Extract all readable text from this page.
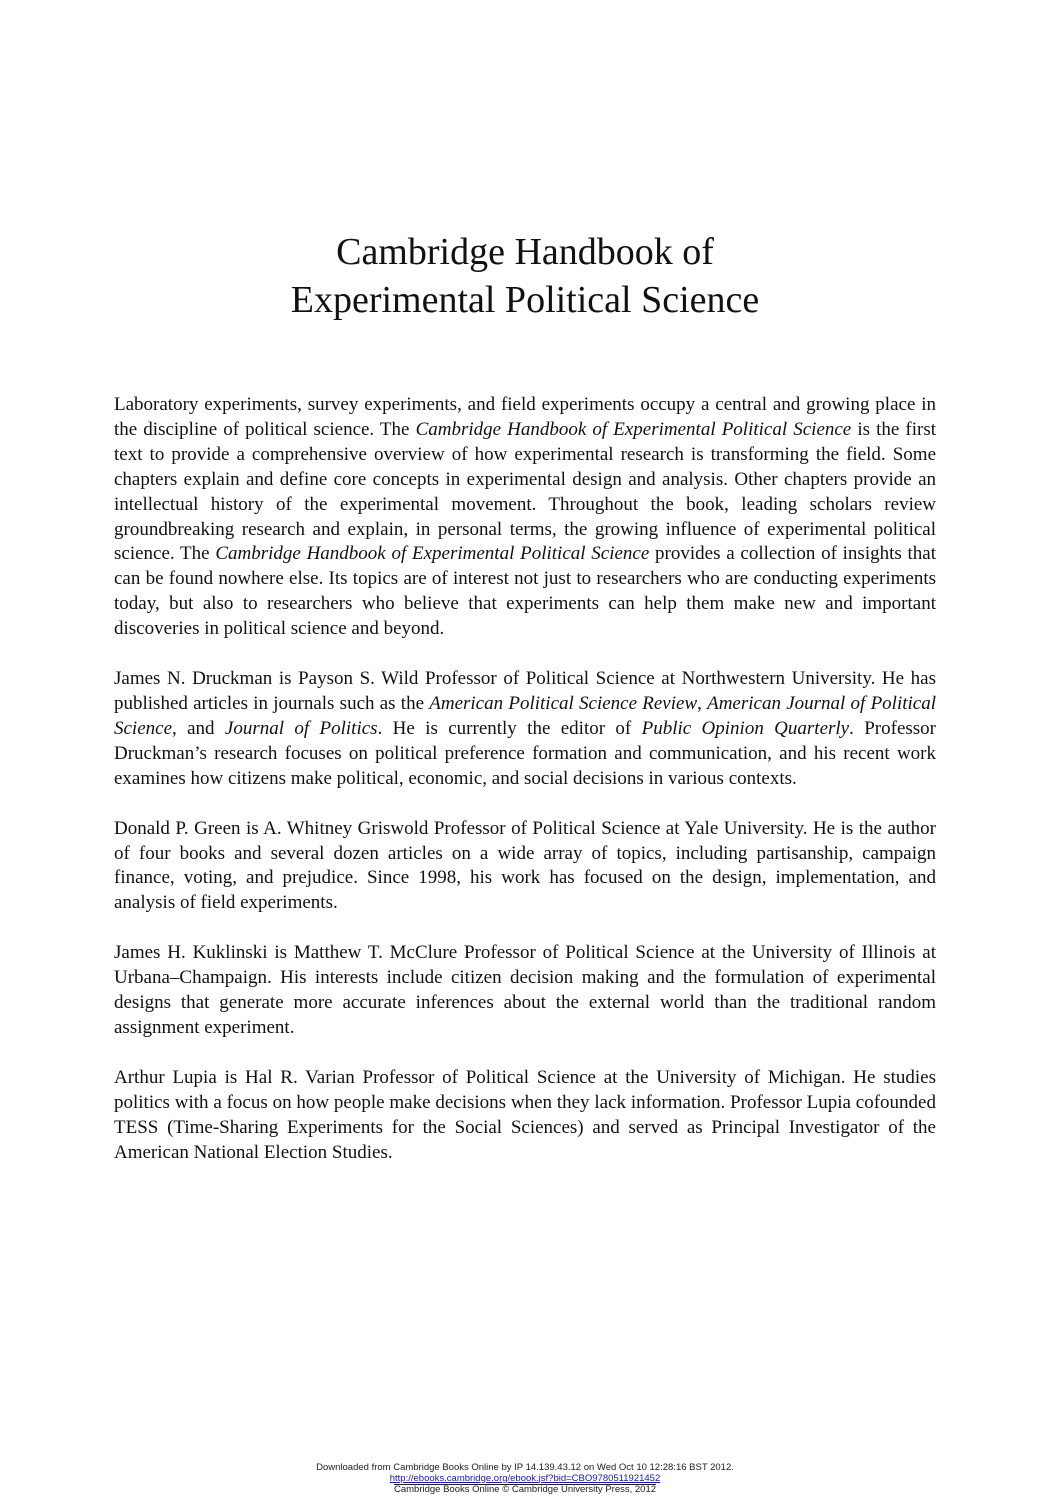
Cambridge Handbook of
Experimental Political Science

Laboratory experiments, survey experiments, and field experiments occupy a central and growing place in the discipline of political science. The Cambridge Handbook of Experimental Political Science is the first text to provide a comprehensive overview of how experimental research is transforming the field. Some chapters explain and define core concepts in experimental design and analysis. Other chapters provide an intellectual history of the experimental movement. Throughout the book, leading scholars review groundbreaking research and explain, in personal terms, the growing influence of experimental political science. The Cambridge Handbook of Experimental Political Science provides a collection of insights that can be found nowhere else. Its topics are of interest not just to researchers who are conducting experiments today, but also to researchers who believe that experiments can help them make new and important discoveries in political science and beyond.

James N. Druckman is Payson S. Wild Professor of Political Science at Northwestern University. He has published articles in journals such as the American Political Science Review, American Journal of Political Science, and Journal of Politics. He is currently the editor of Public Opinion Quarterly. Professor Druckman’s research focuses on political preference formation and communication, and his recent work examines how citizens make political, economic, and social decisions in various contexts.

Donald P. Green is A. Whitney Griswold Professor of Political Science at Yale University. He is the author of four books and several dozen articles on a wide array of topics, including partisanship, campaign finance, voting, and prejudice. Since 1998, his work has focused on the design, implementation, and analysis of field experiments.

James H. Kuklinski is Matthew T. McClure Professor of Political Science at the University of Illinois at Urbana–Champaign. His interests include citizen decision making and the formulation of experimental designs that generate more accurate inferences about the external world than the traditional random assignment experiment.

Arthur Lupia is Hal R. Varian Professor of Political Science at the University of Michigan. He studies politics with a focus on how people make decisions when they lack information. Professor Lupia cofounded TESS (Time-Sharing Experiments for the Social Sciences) and served as Principal Investigator of the American National Election Studies.

Downloaded from Cambridge Books Online by IP 14.139.43.12 on Wed Oct 10 12:28:16 BST 2012.
http://ebooks.cambridge.org/ebook.jsf?bid=CBO9780511921452
Cambridge Books Online © Cambridge University Press, 2012
